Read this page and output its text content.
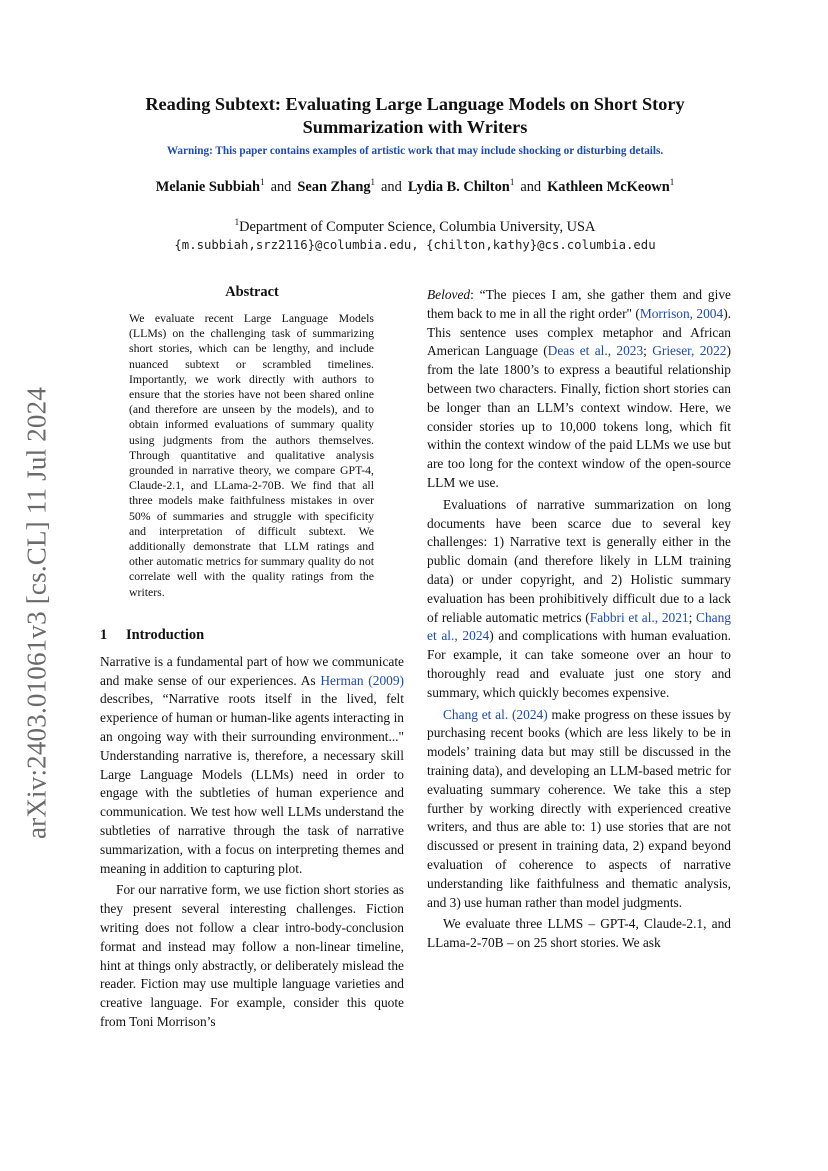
arXiv:2403.01061v3 [cs.CL] 11 Jul 2024
Reading Subtext: Evaluating Large Language Models on Short Story Summarization with Writers

Warning: This paper contains examples of artistic work that may include shocking or disturbing details.

Melanie Subbiah$^1$ and Sean Zhang$^1$ and Lydia B. Chilton$^1$ and Kathleen McKeown$^1$

$^1$Department of Computer Science, Columbia University, USA

{m.subbiah,srz2116}@columbia.edu, {chilton,kathy}@cs.columbia.edu

Abstract

We evaluate recent Large Language Models (LLMs) on the challenging task of summarizing short stories, which can be lengthy, and include nuanced subtext or scrambled timelines. Importantly, we work directly with authors to ensure that the stories have not been shared online (and therefore are unseen by the models), and to obtain informed evaluations of summary quality using judgments from the authors themselves. Through quantitative and qualitative analysis grounded in narrative theory, we compare GPT-4, Claude-2.1, and LLama-2-70B. We find that all three models make faithfulness mistakes in over 50% of summaries and struggle with specificity and interpretation of difficult subtext. We additionally demonstrate that LLM ratings and other automatic metrics for summary quality do not correlate well with the quality ratings from the writers.

1 Introduction

Narrative is a fundamental part of how we communicate and make sense of our experiences. As Herman (2009) describes, “Narrative roots itself in the lived, felt experience of human or human-like agents interacting in an ongoing way with their surrounding environment..." Understanding narrative is, therefore, a necessary skill Large Language Models (LLMs) need in order to engage with the subtleties of human experience and communication. We test how well LLMs understand the subtleties of narrative through the task of narrative summarization, with a focus on interpreting themes and meaning in addition to capturing plot.

For our narrative form, we use fiction short stories as they present several interesting challenges. Fiction writing does not follow a clear intro-body-conclusion format and instead may follow a non-linear timeline, hint at things only abstractly, or deliberately mislead the reader. Fiction may use multiple language varieties and creative language. For example, consider this quote from Toni Morrison’s

Beloved: “The pieces I am, she gather them and give them back to me in all the right order" (Morrison, 2004). This sentence uses complex metaphor and African American Language (Deas et al., 2023; Grieser, 2022) from the late 1800’s to express a beautiful relationship between two characters. Finally, fiction short stories can be longer than an LLM’s context window. Here, we consider stories up to 10,000 tokens long, which fit within the context window of the paid LLMs we use but are too long for the context window of the open-source LLM we use.

Evaluations of narrative summarization on long documents have been scarce due to several key challenges: 1) Narrative text is generally either in the public domain (and therefore likely in LLM training data) or under copyright, and 2) Holistic summary evaluation has been prohibitively difficult due to a lack of reliable automatic metrics (Fabbri et al., 2021; Chang et al., 2024) and complications with human evaluation. For example, it can take someone over an hour to thoroughly read and evaluate just one story and summary, which quickly becomes expensive.

Chang et al. (2024) make progress on these issues by purchasing recent books (which are less likely to be in models’ training data but may still be discussed in the training data), and developing an LLM-based metric for evaluating summary coherence. We take this a step further by working directly with experienced creative writers, and thus are able to: 1) use stories that are not discussed or present in training data, 2) expand beyond evaluation of coherence to aspects of narrative understanding like faithfulness and thematic analysis, and 3) use human rather than model judgments.

We evaluate three LLMS – GPT-4, Claude-2.1, and LLama-2-70B – on 25 short stories. We ask
